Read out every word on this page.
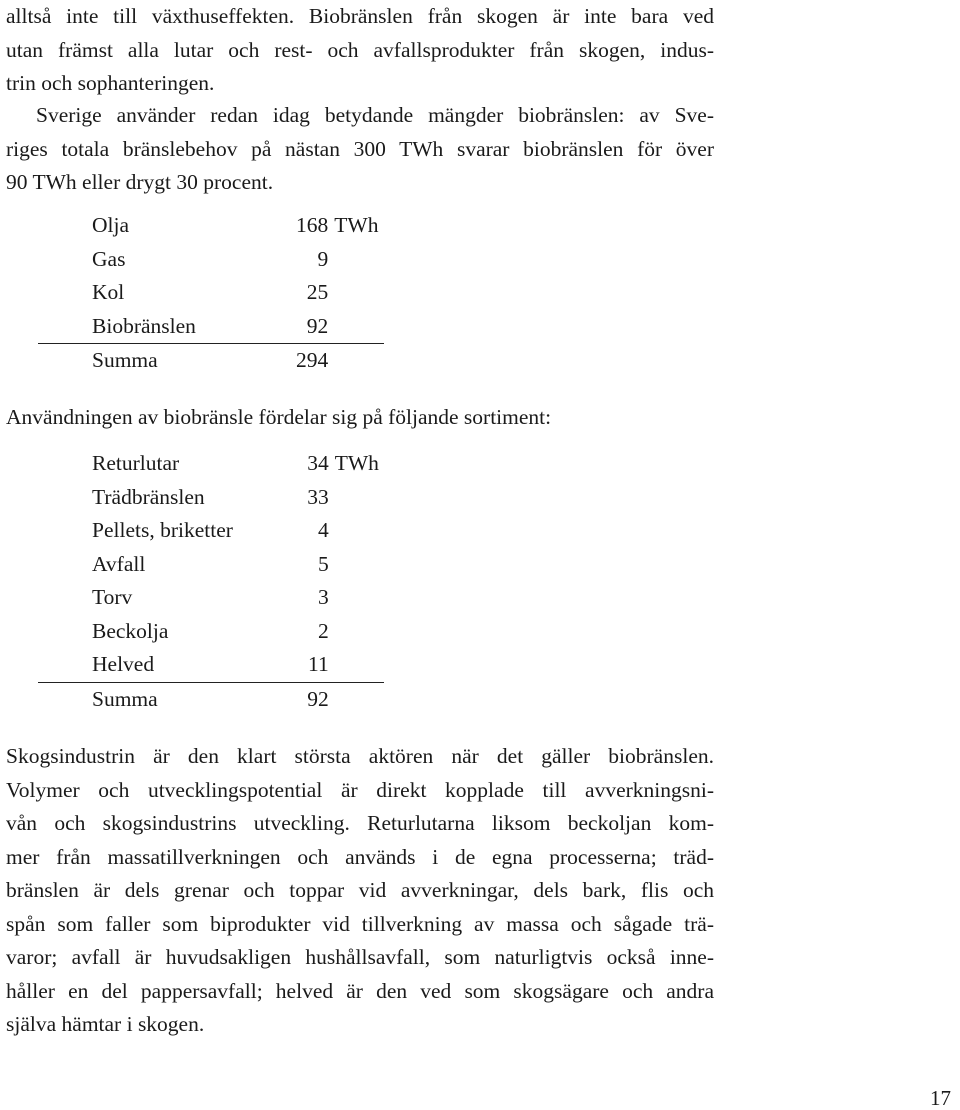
alltså inte till växthuseffekten. Biobränslen från skogen är inte bara ved
utan främst alla lutar och rest- och avfallsprodukter från skogen, indus-
trin och sophanteringen.

Sverige använder redan idag betydande mängder biobränslen: av Sve-
riges totala bränslebehov på nästan 300 TWh svarar biobränslen för över
90 TWh eller drygt 30 procent.

Olja	168	TWh
Gas	9	
Kol	25	
Biobränslen	92	
Summa	294	

Användningen av biobränsle fördelar sig på följande sortiment:

Returlutar	34	TWh
Trädbränslen	33	
Pellets, briketter	4	
Avfall	5	
Torv	3	
Beckolja	2	
Helved	11	
Summa	92	

Skogsindustrin är den klart största aktören när det gäller biobränslen.
Volymer och utvecklingspotential är direkt kopplade till avverkningsni-
vån och skogsindustrins utveckling. Returlutarna liksom beckoljan kom-
mer från massatillverkningen och används i de egna processerna; träd-
bränslen är dels grenar och toppar vid avverkningar, dels bark, flis och
spån som faller som biprodukter vid tillverkning av massa och sågade trä-
varor; avfall är huvudsakligen hushållsavfall, som naturligtvis också inne-
håller en del pappersavfall; helved är den ved som skogsägare och andra
själva hämtar i skogen.

17
